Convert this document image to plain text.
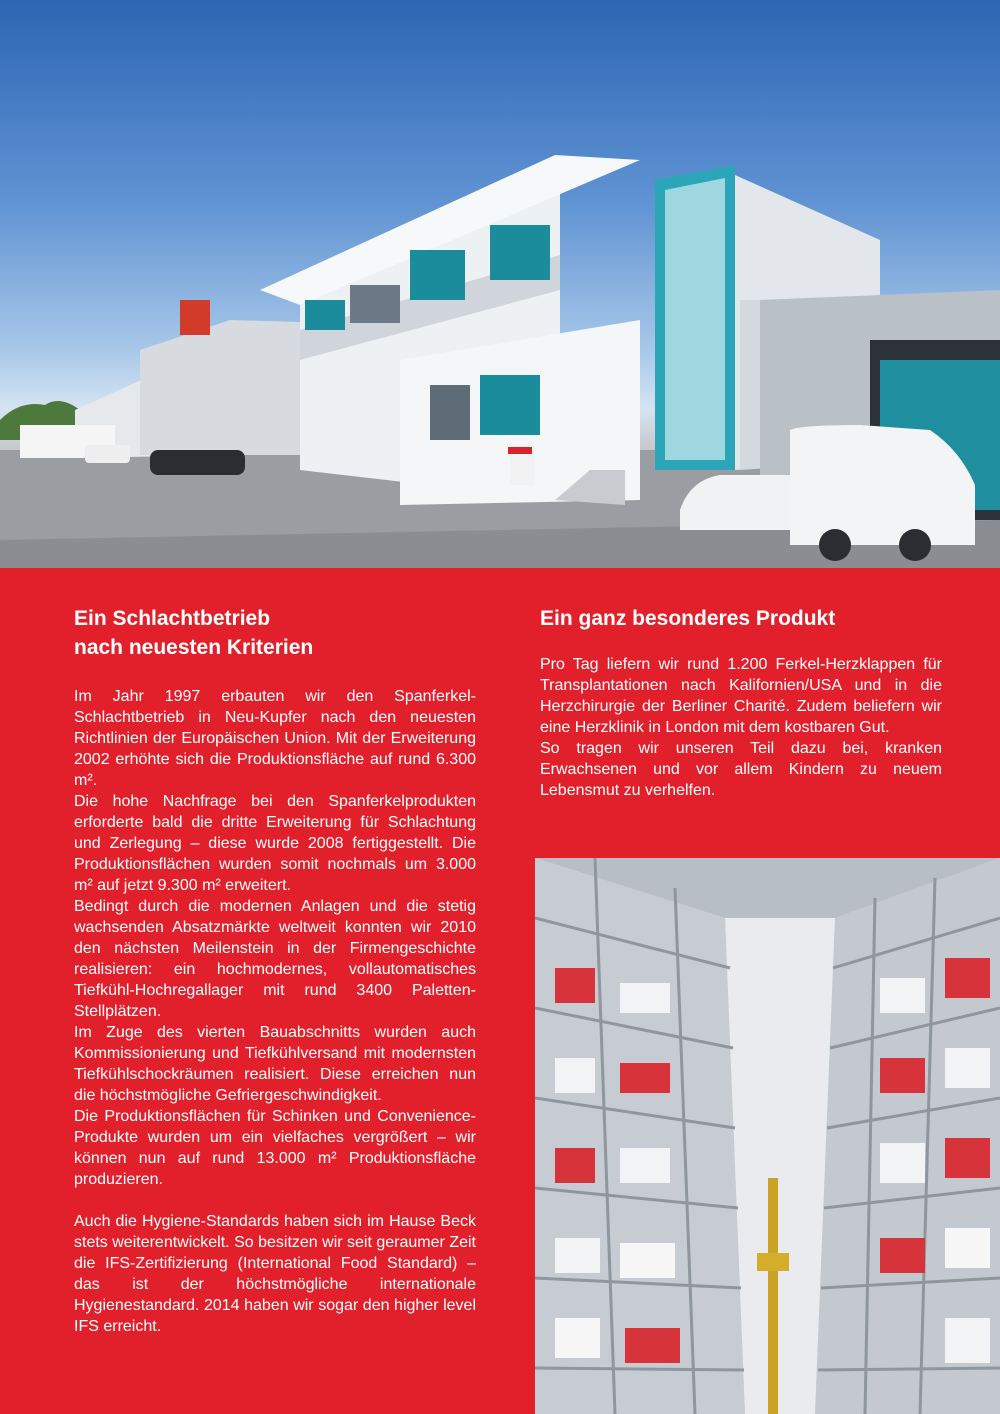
Ein Schlachtbetrieb
nach neuesten Kriterien

Im Jahr 1997 erbauten wir den Spanferkel-Schlachtbetrieb in Neu-Kupfer nach den neuesten Richtlinien der Europäischen Union. Mit der Erweiterung 2002 erhöhte sich die Produktionsfläche auf rund 6.300 m².

Die hohe Nachfrage bei den Spanferkelprodukten erforderte bald die dritte Erweiterung für Schlachtung und Zerlegung – diese wurde 2008 fertiggestellt. Die Produktionsflächen wurden somit nochmals um 3.000 m² auf jetzt 9.300 m² erweitert.

Bedingt durch die modernen Anlagen und die stetig wachsenden Absatzmärkte weltweit konnten wir 2010 den nächsten Meilenstein in der Firmengeschichte realisieren: ein hochmodernes, vollautomatisches Tiefkühl-Hochregallager mit rund 3400 Paletten-Stellplätzen.

Im Zuge des vierten Bauabschnitts wurden auch Kommissionierung und Tiefkühlversand mit modernsten Tiefkühlschockräumen realisiert. Diese erreichen nun die höchstmögliche Gefriergeschwindigkeit.

Die Produktionsflächen für Schinken und Convenience-Produkte wurden um ein vielfaches vergrößert – wir können nun auf rund 13.000 m² Produktionsfläche produzieren.

Auch die Hygiene-Standards haben sich im Hause Beck stets weiterentwickelt. So besitzen wir seit geraumer Zeit die IFS-Zertifizierung (International Food Standard) – das ist der höchstmögliche internationale Hygienestandard. 2014 haben wir sogar den higher level IFS erreicht.

Ein ganz besonderes Produkt

Pro Tag liefern wir rund 1.200 Ferkel-Herzklappen für Transplantationen nach Kalifornien/USA und in die Herzchirurgie der Berliner Charité. Zudem beliefern wir eine Herzklinik in London mit dem kostbaren Gut.

So tragen wir unseren Teil dazu bei, kranken Erwachsenen und vor allem Kindern zu neuem Lebensmut zu verhelfen.
